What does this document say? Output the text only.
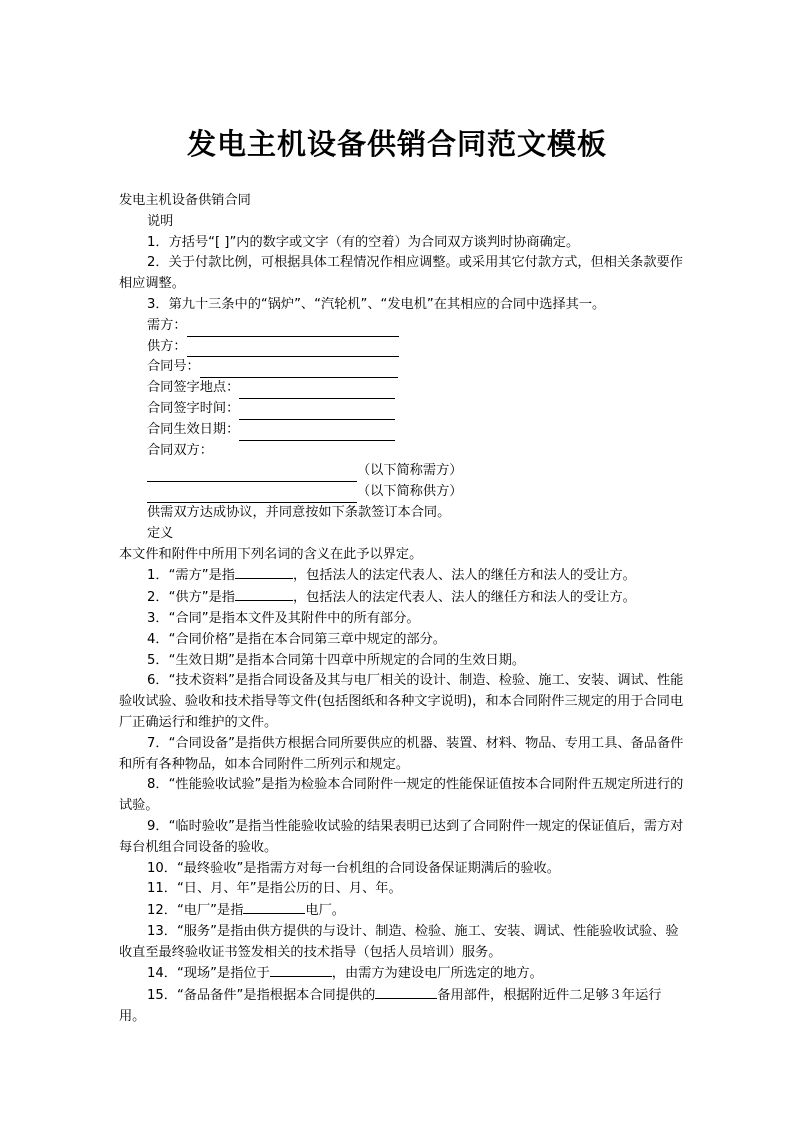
发电主机设备供销合同范文模板

发电主机设备供销合同

说明

1．方括号“[ ]”内的数字或文字（有的空着）为合同双方谈判时协商确定。

2．关于付款比例，可根据具体工程情况作相应调整。或采用其它付款方式，但相关条款要作相应调整。

3．第九十三条中的“锅炉”、“汽轮机”、“发电机”在其相应的合同中选择其一。

需方：
供方：
合同号：
合同签字地点：
合同签字时间：
合同生效日期：

合同双方：

（以下简称需方）
（以下简称供方）

供需双方达成协议，并同意按如下条款签订本合同。

定义

本文件和附件中所用下列名词的含义在此予以界定。

1．“需方”是指	，包括法人的法定代表人、法人的继任方和法人的受让方。

2．“供方”是指	，包括法人的法定代表人、法人的继任方和法人的受让方。

3．“合同”是指本文件及其附件中的所有部分。

4．“合同价格”是指在本合同第三章中规定的部分。

5．“生效日期”是指本合同第十四章中所规定的合同的生效日期。

6．“技术资料”是指合同设备及其与电厂相关的设计、制造、检验、施工、安装、调试、性能验收试验、验收和技术指导等文件(包括图纸和各种文字说明)，和本合同附件三规定的用于合同电厂正确运行和维护的文件。

7．“合同设备”是指供方根据合同所要供应的机器、装置、材料、物品、专用工具、备品备件和所有各种物品，如本合同附件二所列示和规定。

8．“性能验收试验”是指为检验本合同附件一规定的性能保证值按本合同附件五规定所进行的试验。

9．“临时验收”是指当性能验收试验的结果表明已达到了合同附件一规定的保证值后，需方对每台机组合同设备的验收。

10．“最终验收”是指需方对每一台机组的合同设备保证期满后的验收。

11．“日、月、年”是指公历的日、月、年。

12．“电厂”是指	电厂。

13．“服务”是指由供方提供的与设计、制造、检验、施工、安装、调试、性能验收试验、验收直至最终验收证书签发相关的技术指导（包括人员培训）服务。

14．“现场”是指位于	，由需方为建设电厂所选定的地方。

15．“备品备件”是指根据本合同提供的	备用部件，根据附近件二足够３年运行用。
